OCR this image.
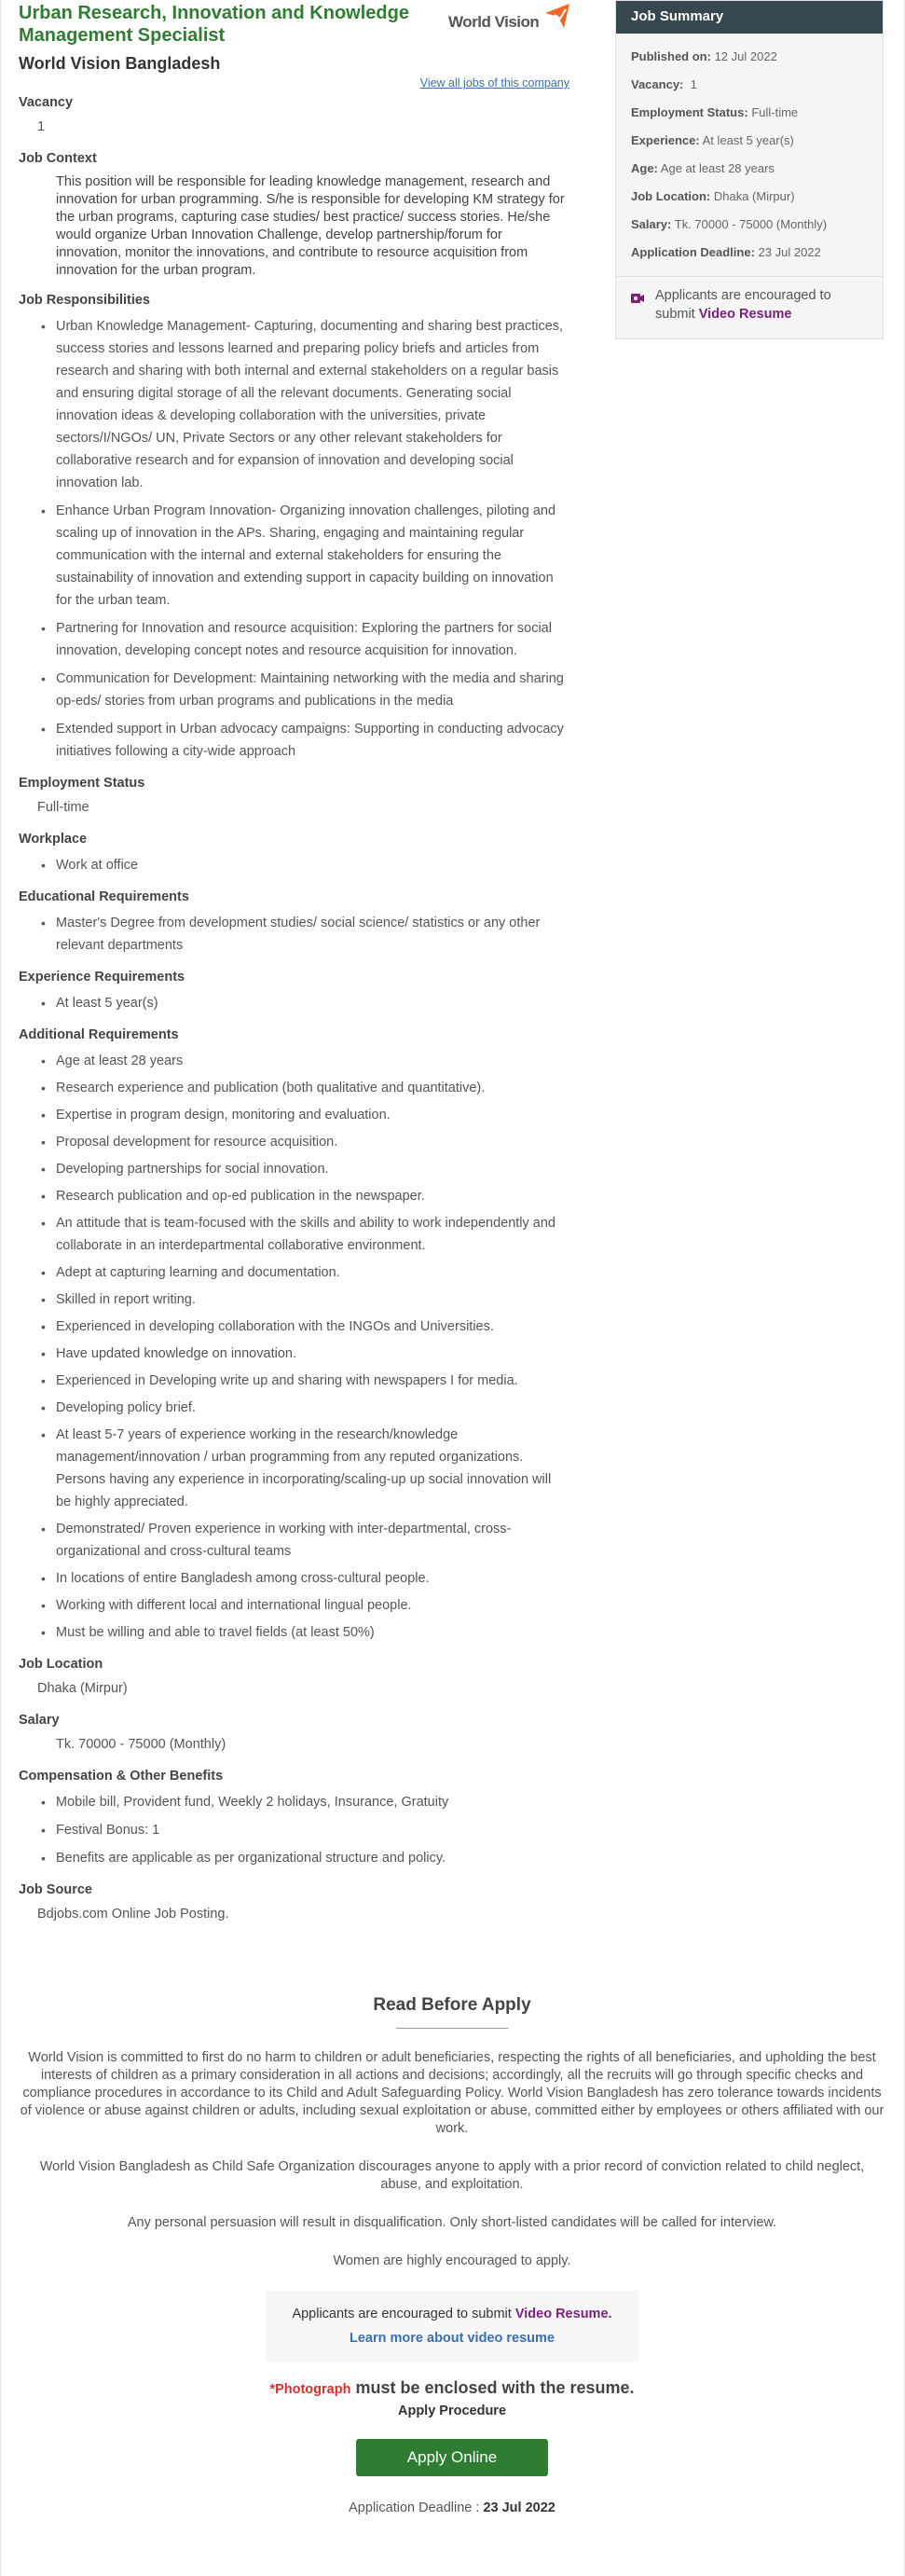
Urban Research, Innovation and Knowledge Management Specialist
World Vision
World Vision Bangladesh
View all jobs of this company
Vacancy
1
Job Context
This position will be responsible for leading knowledge management, research and innovation for urban programming. S/he is responsible for developing KM strategy for the urban programs, capturing case studies/ best practice/ success stories. He/she would organize Urban Innovation Challenge, develop partnership/forum for innovation, monitor the innovations, and contribute to resource acquisition from innovation for the urban program.
Job Responsibilities
• Urban Knowledge Management- Capturing, documenting and sharing best practices, success stories and lessons learned and preparing policy briefs and articles from research and sharing with both internal and external stakeholders on a regular basis and ensuring digital storage of all the relevant documents. Generating social innovation ideas & developing collaboration with the universities, private sectors/I/NGOs/ UN, Private Sectors or any other relevant stakeholders for collaborative research and for expansion of innovation and developing social innovation lab.
• Enhance Urban Program Innovation- Organizing innovation challenges, piloting and scaling up of innovation in the APs. Sharing, engaging and maintaining regular communication with the internal and external stakeholders for ensuring the sustainability of innovation and extending support in capacity building on innovation for the urban team.
• Partnering for Innovation and resource acquisition: Exploring the partners for social innovation, developing concept notes and resource acquisition for innovation.
• Communication for Development: Maintaining networking with the media and sharing op-eds/ stories from urban programs and publications in the media
• Extended support in Urban advocacy campaigns: Supporting in conducting advocacy initiatives following a city-wide approach
Employment Status
Full-time
Workplace
• Work at office
Educational Requirements
• Master's Degree from development studies/ social science/ statistics or any other relevant departments
Experience Requirements
• At least 5 year(s)
Additional Requirements
• Age at least 28 years
• Research experience and publication (both qualitative and quantitative).
• Expertise in program design, monitoring and evaluation.
• Proposal development for resource acquisition.
• Developing partnerships for social innovation.
• Research publication and op-ed publication in the newspaper.
• An attitude that is team-focused with the skills and ability to work independently and collaborate in an interdepartmental collaborative environment.
• Adept at capturing learning and documentation.
• Skilled in report writing.
• Experienced in developing collaboration with the INGOs and Universities.
• Have updated knowledge on innovation.
• Experienced in Developing write up and sharing with newspapers I for media.
• Developing policy brief.
• At least 5-7 years of experience working in the research/knowledge management/innovation / urban programming from any reputed organizations. Persons having any experience in incorporating/scaling-up up social innovation will be highly appreciated.
• Demonstrated/ Proven experience in working with inter-departmental, cross-organizational and cross-cultural teams
• In locations of entire Bangladesh among cross-cultural people.
• Working with different local and international lingual people.
• Must be willing and able to travel fields (at least 50%)
Job Location
Dhaka (Mirpur)
Salary
Tk. 70000 - 75000 (Monthly)
Compensation & Other Benefits
• Mobile bill, Provident fund, Weekly 2 holidays, Insurance, Gratuity
• Festival Bonus: 1
• Benefits are applicable as per organizational structure and policy.
Job Source
Bdjobs.com Online Job Posting.
Job Summary
Published on: 12 Jul 2022
Vacancy: 1
Employment Status: Full-time
Experience: At least 5 year(s)
Age: Age at least 28 years
Job Location: Dhaka (Mirpur)
Salary: Tk. 70000 - 75000 (Monthly)
Application Deadline: 23 Jul 2022
Applicants are encouraged to submit Video Resume
Read Before Apply

World Vision is committed to first do no harm to children or adult beneficiaries, respecting the rights of all beneficiaries, and upholding the best interests of children as a primary consideration in all actions and decisions; accordingly, all the recruits will go through specific checks and compliance procedures in accordance to its Child and Adult Safeguarding Policy. World Vision Bangladesh has zero tolerance towards incidents of violence or abuse against children or adults, including sexual exploitation or abuse, committed either by employees or others affiliated with our work.

World Vision Bangladesh as Child Safe Organization discourages anyone to apply with a prior record of conviction related to child neglect, abuse, and exploitation.

Any personal persuasion will result in disqualification. Only short-listed candidates will be called for interview.

Women are highly encouraged to apply.

Applicants are encouraged to submit Video Resume.
Learn more about video resume
*Photograph must be enclosed with the resume.
Apply Procedure
Apply Online
Application Deadline : 23 Jul 2022
